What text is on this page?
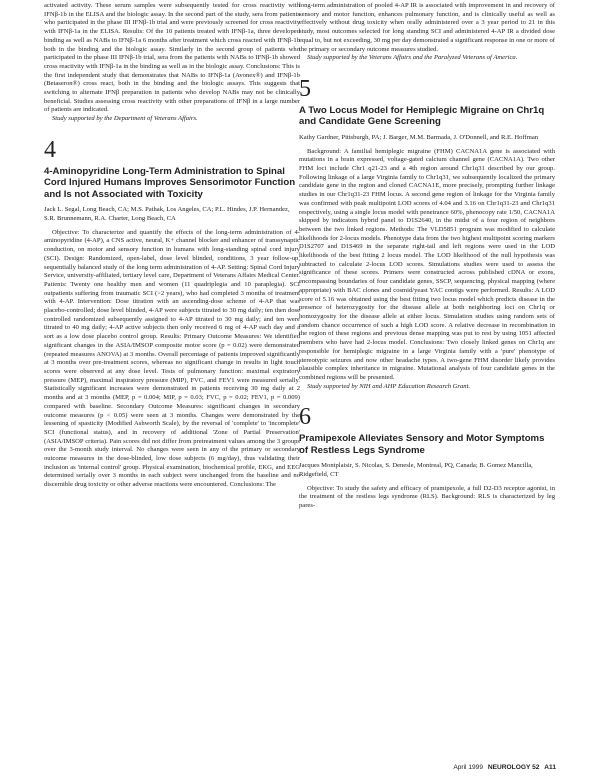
activated activity. These serum samples were subsequently tested for cross reactivity with IFNβ-1b in the ELISA and the biologic assay. In the second part of the study, sera from patients who participated in the phase III IFNβ-1b trial and were previously screened for cross reactivity with IFNβ-1a in the ELISA. Results: Of the 10 patients treated with IFNβ-1a, three developed binding as well as NABs to IFNβ-1a 6 months after treatment which cross reacted with IFNβ-1b both in the binding and the biologic assay. Similarly in the second group of patients who participated in the phase III IFNβ-1b trial, sera from the patients with NABs to IFNβ-1b showed cross reactivity with IFNβ-1a in the binding as well as in the biologic assay. Conclusions: This is the first independent study that demonstrates that NABs to IFNβ-1a (Avonex®) and IFNβ-1b (Betaseron®) cross react, both in the binding and the biologic assays. This suggests that switching to alternate IFNβ preparation in patients who develop NABs may not be clinically beneficial. Studies assessing cross reactivity with other preparations of IFNβ in a large number of patients are indicated.

Study supported by the Department of Veterans Affairs.

4
4-Aminopyridine Long-Term Administration to Spinal Cord Injured Humans Improves Sensorimotor Function and Is not Associated with Toxicity
Jack L. Segal, Long Beach, CA; M.S. Pathak, Los Angeles, CA; P.L. Hindes, J.P. Hernandez, S.R. Brunnemann, R.A. Charter, Long Beach, CA

Objective: To characterize and quantify the effects of the long-term administration of 4-aminopyridine (4-AP), a CNS active, neural, K+ channel blocker and enhancer of transsynaptic conduction, on motor and sensory function in humans with long-standing spinal cord injury (SCI). Design: Randomized, open-label, dose level blinded, conditions, 3 year follow-up, sequentially balanced study of the long term administration of 4-AP. Setting: Spinal Cord Injury Service, university-affiliated, tertiary level care, Department of Veterans Affairs Medical Center. Patients: Twenty one healthy men and women (11 quadriplegia and 10 paraplegia). SCI outpatients suffering from traumatic SCI (>2 years), who had completed 3 months of treatment with 4-AP. Intervention: Dose titration with an ascending-dose scheme of 4-AP that was placebo-controlled; dose level blinded, 4-AP were subjects titrated to 30 mg daily; ten then dose controlled randomized subsequently assigned to 4-AP titrated to 30 mg daily; and ten were titrated to 40 mg daily; 4-AP active subjects then only received 6 mg of 4-AP each day and a sort as a low dose placebo control group. Results: Primary Outcome Measures: We identified significant changes in the ASIA/IMSOP composite motor score (p = 0.02) were demonstrated (repeated measures ANOVA) at 3 months. Overall percentage of patients improved significantly at 3 months over pre-treatment scores, whereas no significant change in results in light touch scores were observed at any dose level. Tests of pulmonary function: maximal expiratory pressure (MEP), maximal inspiratory pressure (MIP), FVC, and FEV1 were measured serially. Statistically significant increases were demonstrated in patients receiving 30 mg daily at 2 months and at 3 months (MEP, p = 0.004; MIP, p = 0.03; FVC, p = 0.02; FEV1, p = 0.009) compared with baseline. Secondary Outcome Measures: significant changes in secondary outcome measures (p < 0.05) were seen at 3 months. Changes were demonstrated by the lessening of spasticity (Modified Ashworth Scale), by the reversal of 'complete' to 'incomplete' SCI (functional status), and in recovery of additional 'Zone of Partial Preservation' (ASIA/IMSOP criteria). Pain scores did not differ from pretreatment values among the 3 groups over the 3-month study interval. No changes were seen in any of the primary or secondary outcome measures in the dose-blinded, low dose subjects (6 mg/day), thus validating their inclusion as 'internal control' group. Physical examination, biochemical profile, EKG, and EEG determined serially over 3 months in each subject were unchanged from the baseline and no discernible drug toxicity or other adverse reactions were encountered. Conclusions: The

long-term administration of pooled 4-AP IR is associated with improvement in and recovery of sensory and motor function, enhances pulmonary function, and is clinically useful as well as effectively without drug toxicity when orally administered over a 3 year period to 21 in this study, most outcomes selected for long standing SCI and administered 4-AP IR a divided dose equal to, but not exceeding, 30 mg per day demonstrated a significant response in one or more of the primary or secondary outcome measures studied.

Study supported by the Veterans Affairs and the Paralyzed Veterans of America.

5
A Two Locus Model for Hemiplegic Migraine on Chr1q and Candidate Gene Screening
Kathy Gardner, Pittsburgh, PA; J. Barger, M.M. Barmada, J. O'Donnell, and R.E. Hoffman

Background: A familial hemiplegic migraine (FHM) CACNA1A gene is associated with mutations in a brain expressed, voltage-gated calcium channel gene (CACNA1A). Two other FHM loci include Chr1 q21-23 and a 4th region around Chr1q31 described by our group. Following linkage of a large Virginia family to Chr1q31, we subsequently localized the primary candidate gene in the region and cloned CACNA1E, more precisely, prompting further linkage studies in our Chr1q31-23 FHM locus. A second gene region of linkage for the Virginia family was confirmed with peak multipoint LOD scores of 4.04 and 3.16 on Chr1q31-23 and Chr1q31 respectively, using a single locus model with penetrance 60%, phenocopy rate 1/50, CACNA1A skipped by indicators hybrid panel to D1S2640, in the midst of a four region of neighbors between the two linked regions. Methods: The VLD5851 program was modified to calculate likelihoods for 2-locus models. Phenotype data from the two highest multipoint scoring markers D1S2707 and D1S469 in the separate right-tail and left regions were used in the LOD likelihoods of the best fitting 2 locus model. The LOD likelihood of the null hypothesis was subtracted to calculate 2-locus LOD scores. Simulations studies were used to assess the significance of these scores. Primers were constructed across published cDNA or exons, encompassing boundaries of four candidate genes, SSCP, sequencing, physical mapping (where appropriate) with BAC clones and cosmid/yeast YAC contigs were performed. Results: A LOD score of 5.16 was obtained using the best fitting two locus model which predicts disease in the presence of heterozygosity for the disease allele at both neighboring loci on Chr1q or homozygosity for the disease allele at either locus. Simulation studies using random sets of random chance occurrence of such a high LOD score. A relative decrease in recombination in the region of these regions and previous dense mapping was put to rest by using 1051 affected members who have had 2-locus model. Conclusions: Two closely linked genes on Chr1q are responsible for hemiplegic migraine in a large Virginia family with a 'pure' phenotype of stereotypic seizures and now other headache types. A two-gene FHM disorder likely provides plausible complex inheritance in migraine. Mutational analysis of four candidate genes in the combined regions will be presented.

Study supported by NIH and AHP Education Research Grant.

6
Pramipexole Alleviates Sensory and Motor Symptoms of Restless Legs Syndrome
Jacques Montplaisir, S. Nicolas, S. Denesle, Montreal, PQ, Canada; B. Gomez Mancilla, Ridgefield, CT

Objective: To study the safety and efficacy of pramipexole, a full D2-D3 receptor agonist, in the treatment of the restless legs syndrome (RLS). Background: RLS is characterized by leg pares-

April 1999 NEUROLOGY 52 A11
